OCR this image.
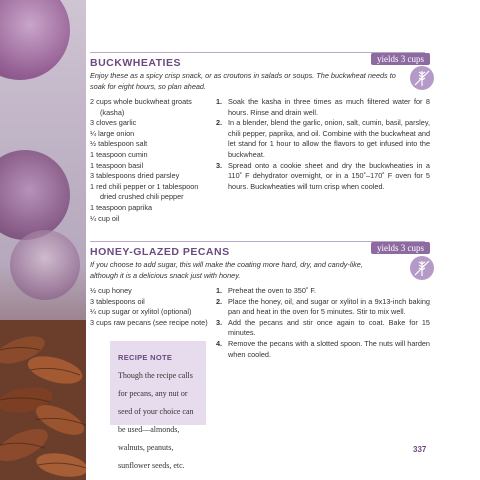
BUCKWHEATIES	yields 3 cups
Enjoy these as a spicy crisp snack, or as croutons in salads or soups. The buckwheat needs to
soak for eight hours, so plan ahead.
2 cups whole buckwheat groats (kasha)
3 cloves garlic
¼ large onion
½ tablespoon salt
1 teaspoon cumin
1 teaspoon basil
3 tablespoons dried parsley
1 red chili pepper or 1 tablespoon dried crushed chili pepper
1 teaspoon paprika
¼ cup oil
1. Soak the kasha in three times as much filtered water for 8 hours. Rinse and drain well.
2. In a blender, blend the garlic, onion, salt, cumin, basil, parsley, chili pepper, paprika, and oil. Combine with the buckwheat and let stand for 1 hour to allow the flavors to get infused into the buckwheat.
3. Spread onto a cookie sheet and dry the buckwheaties in a 110˚ F dehydrator overnight, or in a 150˚–170˚ F oven for 5 hours. Buckwheaties will turn crisp when cooled.
HONEY-GLAZED PECANS	yields 3 cups
If you choose to add sugar, this will make the coating more hard, dry, and candy-like,
although it is a delicious snack just with honey.
½ cup honey
3 tablespoons oil
¼ cup sugar or xylitol (optional)
3 cups raw pecans (see recipe note)
1. Preheat the oven to 350˚ F.
2. Place the honey, oil, and sugar or xylitol in a 9x13-inch baking pan and heat in the oven for 5 minutes. Stir to mix well.
3. Add the pecans and stir once again to coat. Bake for 15 minutes.
4. Remove the pecans with a slotted spoon. The nuts will harden when cooled.
RECIPE NOTE Though the recipe calls for pecans, any nut or seed of your choice can be used—almonds, walnuts, peanuts, sunflower seeds, etc.
337
